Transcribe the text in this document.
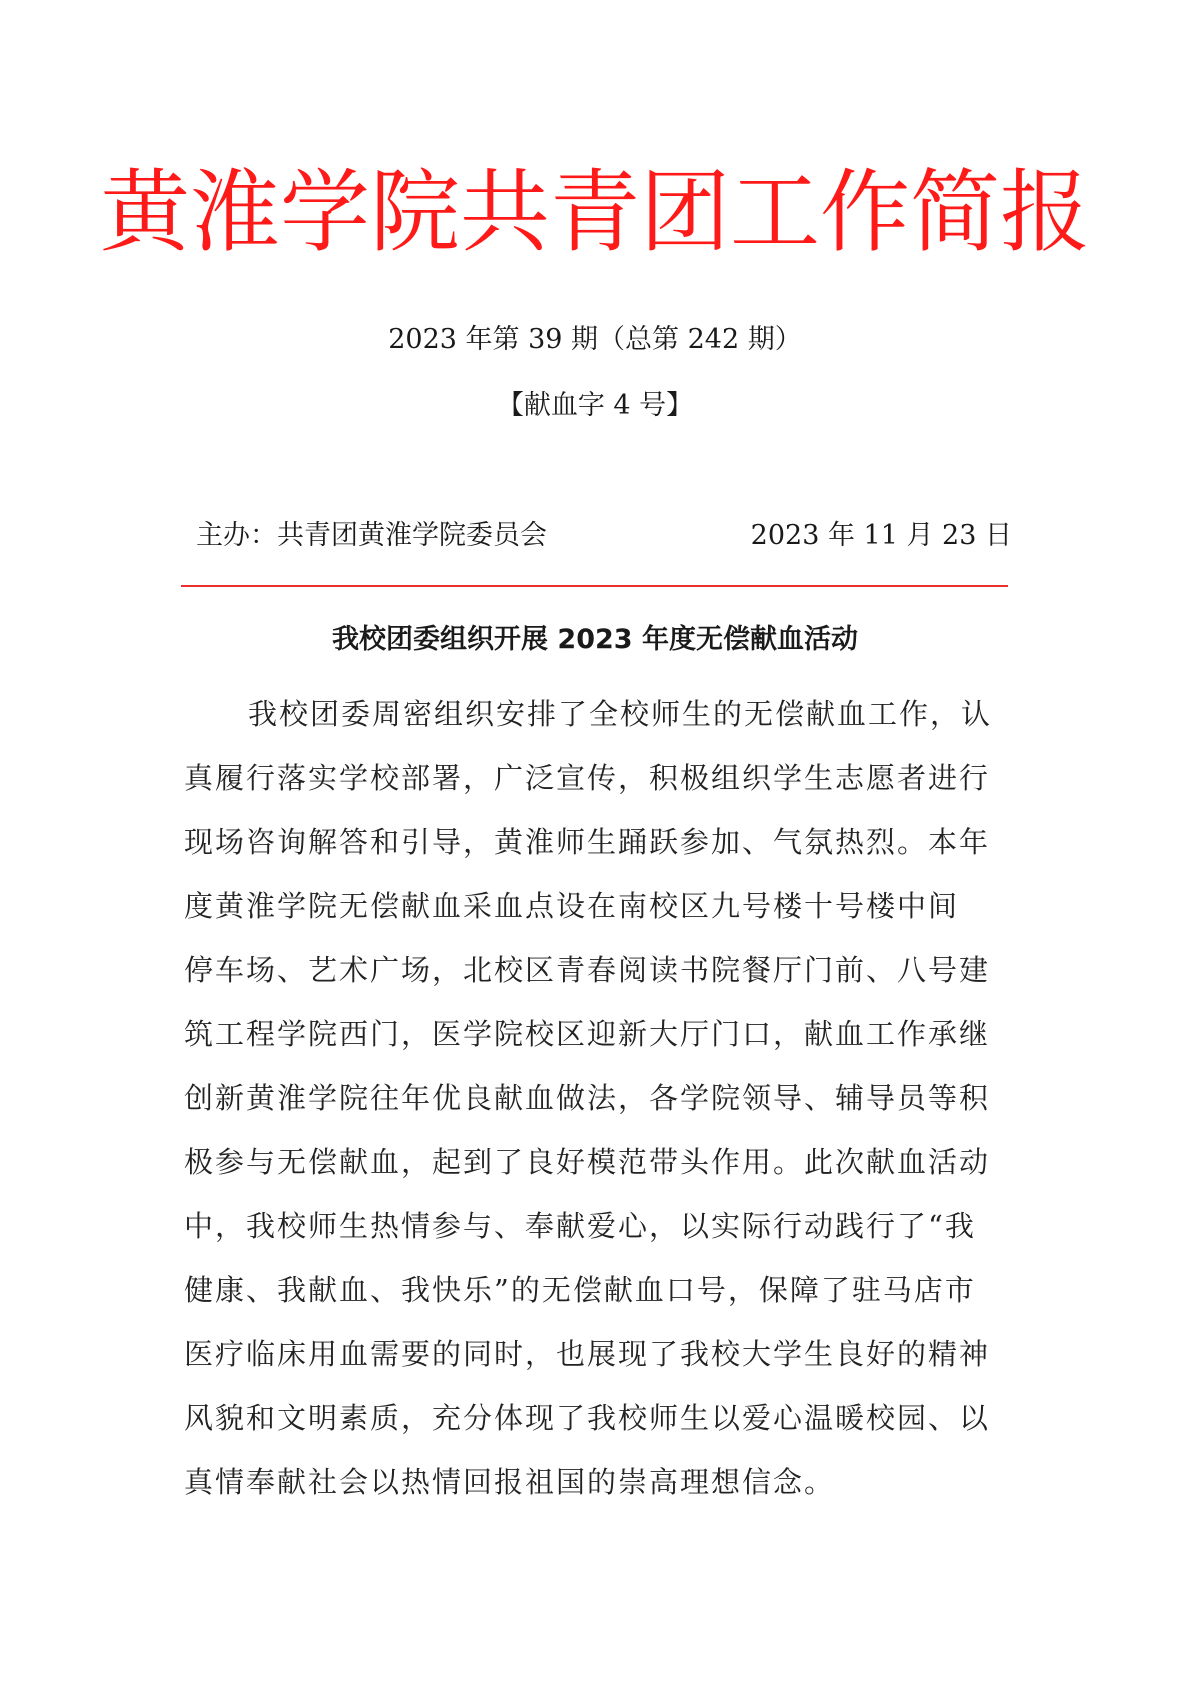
黄淮学院共青团工作简报
2023 年第 39 期（总第 242 期）
【献血字 4 号】
主办：共青团黄淮学院委员会	2023 年 11 月 23 日
我校团委组织开展 2023 年度无偿献血活动
我校团委周密组织安排了全校师生的无偿献血工作，认
真履行落实学校部署，广泛宣传，积极组织学生志愿者进行
现场咨询解答和引导，黄淮师生踊跃参加、气氛热烈。本年
度黄淮学院无偿献血采血点设在南校区九号楼十号楼中间
停车场、艺术广场，北校区青春阅读书院餐厅门前、八号建
筑工程学院西门，医学院校区迎新大厅门口，献血工作承继
创新黄淮学院往年优良献血做法，各学院领导、辅导员等积
极参与无偿献血，起到了良好模范带头作用。此次献血活动
中，我校师生热情参与、奉献爱心，以实际行动践行了“我
健康、我献血、我快乐”的无偿献血口号，保障了驻马店市
医疗临床用血需要的同时，也展现了我校大学生良好的精神
风貌和文明素质，充分体现了我校师生以爱心温暖校园、以
真情奉献社会以热情回报祖国的崇高理想信念。
